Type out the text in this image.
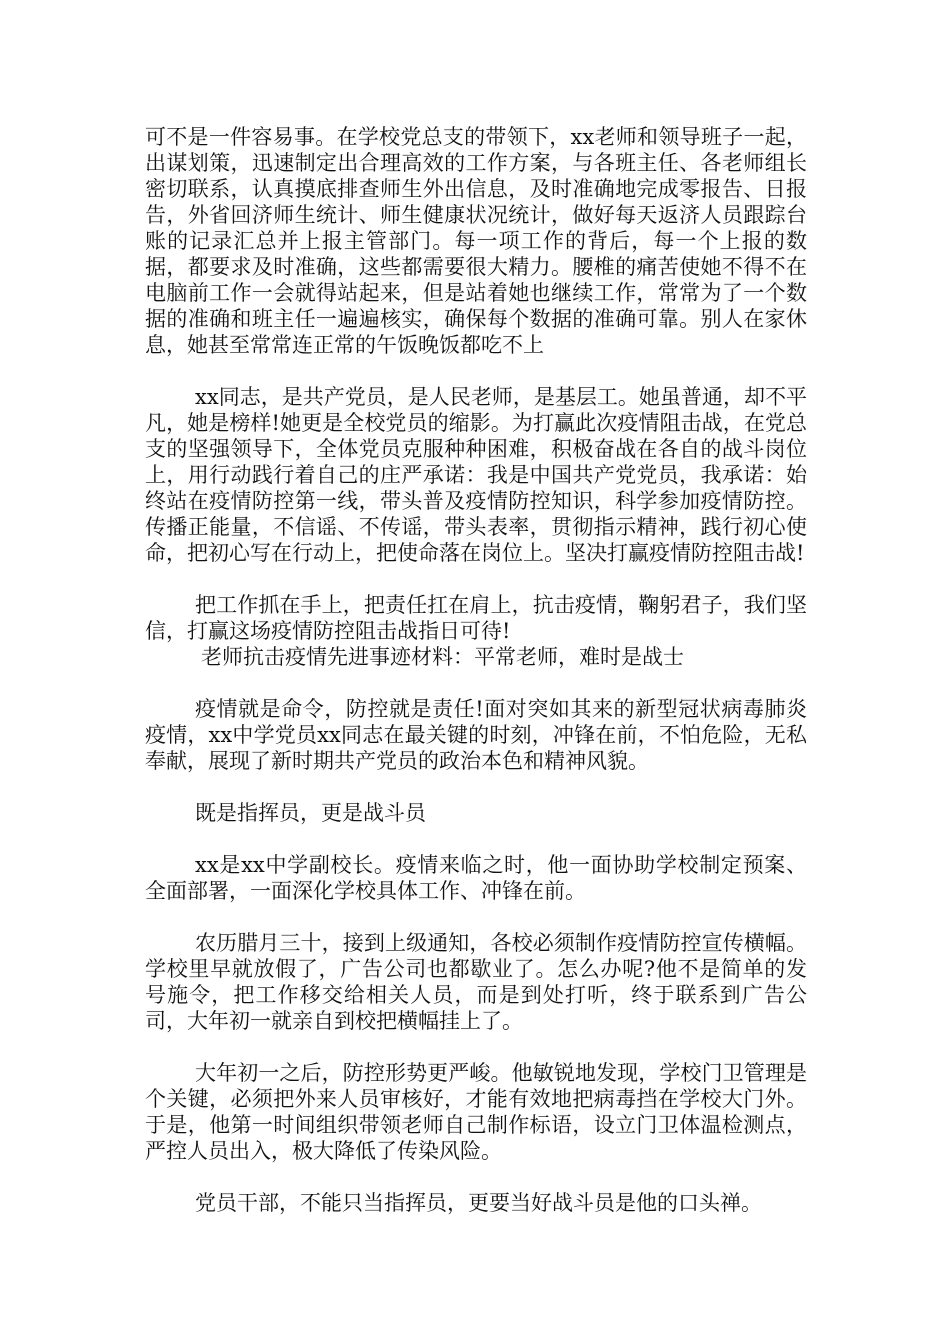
可不是一件容易事。在学校党总支的带领下，xx老师和领导班子一起，出谋划策，迅速制定出合理高效的工作方案，与各班主任、各老师组长密切联系，认真摸底排查师生外出信息，及时准确地完成零报告、日报告，外省回济师生统计、师生健康状况统计，做好每天返济人员跟踪台账的记录汇总并上报主管部门。每一项工作的背后，每一个上报的数据，都要求及时准确，这些都需要很大精力。腰椎的痛苦使她不得不在电脑前工作一会就得站起来，但是站着她也继续工作，常常为了一个数据的准确和班主任一遍遍核实，确保每个数据的准确可靠。别人在家休息，她甚至常常连正常的午饭晚饭都吃不上

xx同志，是共产党员，是人民老师，是基层工。她虽普通，却不平凡，她是榜样!她更是全校党员的缩影。为打赢此次疫情阻击战，在党总支的坚强领导下，全体党员克服种种困难，积极奋战在各自的战斗岗位上，用行动践行着自己的庄严承诺：我是中国共产党党员，我承诺：始终站在疫情防控第一线，带头普及疫情防控知识，科学参加疫情防控。传播正能量，不信谣、不传谣，带头表率，贯彻指示精神，践行初心使命，把初心写在行动上，把使命落在岗位上。坚决打赢疫情防控阻击战!

把工作抓在手上，把责任扛在肩上，抗击疫情，鞠躬君子，我们坚信，打赢这场疫情防控阻击战指日可待!

老师抗击疫情先进事迹材料：平常老师，难时是战士

疫情就是命令，防控就是责任!面对突如其来的新型冠状病毒肺炎疫情，xx中学党员xx同志在最关键的时刻，冲锋在前，不怕危险，无私奉献，展现了新时期共产党员的政治本色和精神风貌。

既是指挥员，更是战斗员

xx是xx中学副校长。疫情来临之时，他一面协助学校制定预案、全面部署，一面深化学校具体工作、冲锋在前。

农历腊月三十，接到上级通知，各校必须制作疫情防控宣传横幅。学校里早就放假了，广告公司也都歇业了。怎么办呢?他不是简单的发号施令，把工作移交给相关人员，而是到处打听，终于联系到广告公司，大年初一就亲自到校把横幅挂上了。

大年初一之后，防控形势更严峻。他敏锐地发现，学校门卫管理是个关键，必须把外来人员审核好，才能有效地把病毒挡在学校大门外。于是，他第一时间组织带领老师自己制作标语，设立门卫体温检测点，严控人员出入，极大降低了传染风险。

党员干部，不能只当指挥员，更要当好战斗员是他的口头禅。
